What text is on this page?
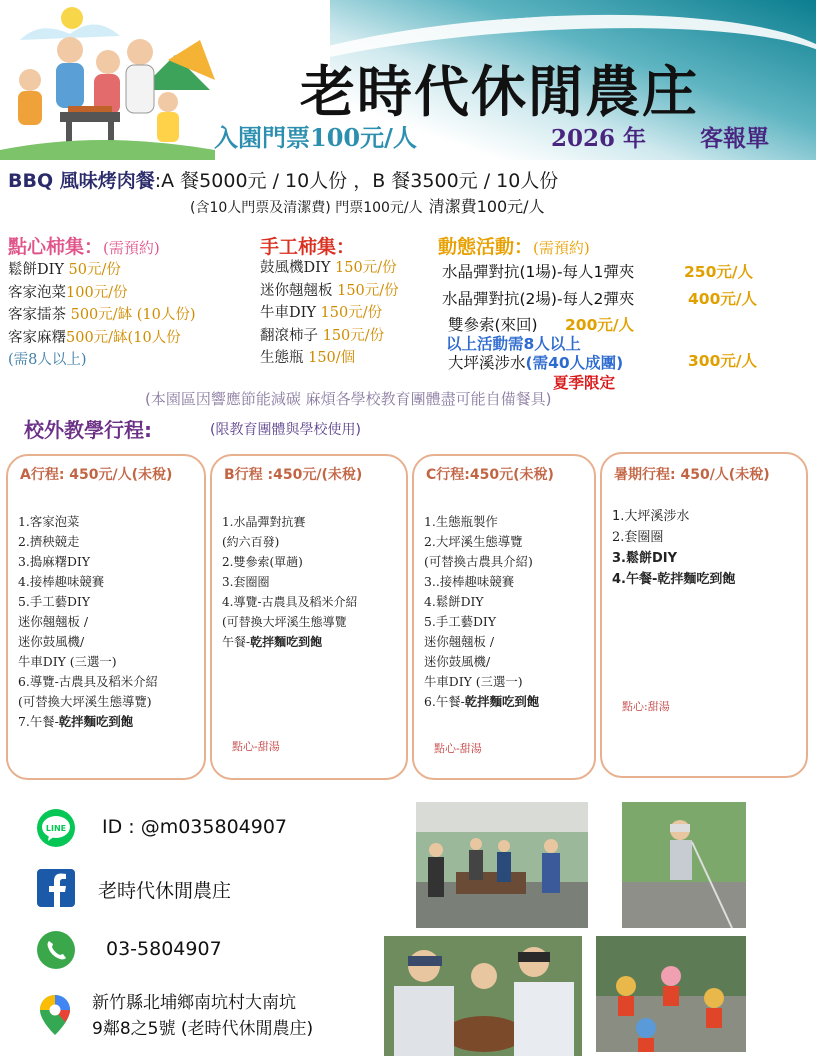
老時代休閒農庄
入園門票100元/人	2026 年 客報單
BBQ 風味烤肉餐:A 餐5000元 / 10人份 ，B 餐3500元 / 10人份
(含10人門票及清潔費) 門票100元/人 清潔費100元/人
點心柿集：(需預約)
鬆餅DIY 50元/份
客家泡菜100元/份
客家擂茶 500元/缽 (10人份)
客家麻糬500元/缽(10人份
(需8人以上)
手工柿集：
鼓風機DIY 150元/份
迷你翹翹板 150元/份
牛車DIY 150元/份
翻滾柿子 150元/份
生態瓶 150/個
動態活動：(需預約)
水晶彈對抗(1場)-每人1彈夾	250元/人
水晶彈對抗(2場)-每人2彈夾	400元/人
雙參索(來回) 200元/人
以上活動需8人以上
大坪溪涉水(需40人成團)	300元/人
夏季限定
(本園區因響應節能減碳 麻煩各學校教育團體盡可能自備餐具)
校外教學行程:	(限教育團體與學校使用)
A行程: 450元/人(未稅)
1.客家泡菜
2.擠秧競走
3.搗麻糬DIY
4.接棒趣味競賽
5.手工藝DIY
迷你翹翹板 /
迷你鼓風機/
牛車DIY (三選一)
6.導覽-古農具及稻米介紹
(可替換大坪溪生態導覽)
7.午餐-乾拌麵吃到飽
B行程 :450元/(未稅)
1.水晶彈對抗賽
(約六百發)
2.雙參索(單趟)
3.套圈圈
4.導覽-古農具及稻米介紹
(可替換大坪溪生態導覽
午餐-乾拌麵吃到飽
點心-甜湯
C行程:450元(未稅)
1.生態瓶製作
2.大坪溪生態導覽
(可替換古農具介紹)
3..接棒趣味競賽
4.鬆餅DIY
5.手工藝DIY
迷你翹翹板 /
迷你鼓風機/
牛車DIY (三選一)
6.午餐-乾拌麵吃到飽
點心-甜湯
暑期行程: 450/人(未稅)
1.大坪溪涉水
2.套圈圈
3.鬆餅DIY
4.午餐-乾拌麵吃到飽
點心:甜湯
LINE ID : @m035804907
老時代休閒農庄
03-5804907
新竹縣北埔鄉南坑村大南坑
9鄰8之5號 (老時代休閒農庄)
